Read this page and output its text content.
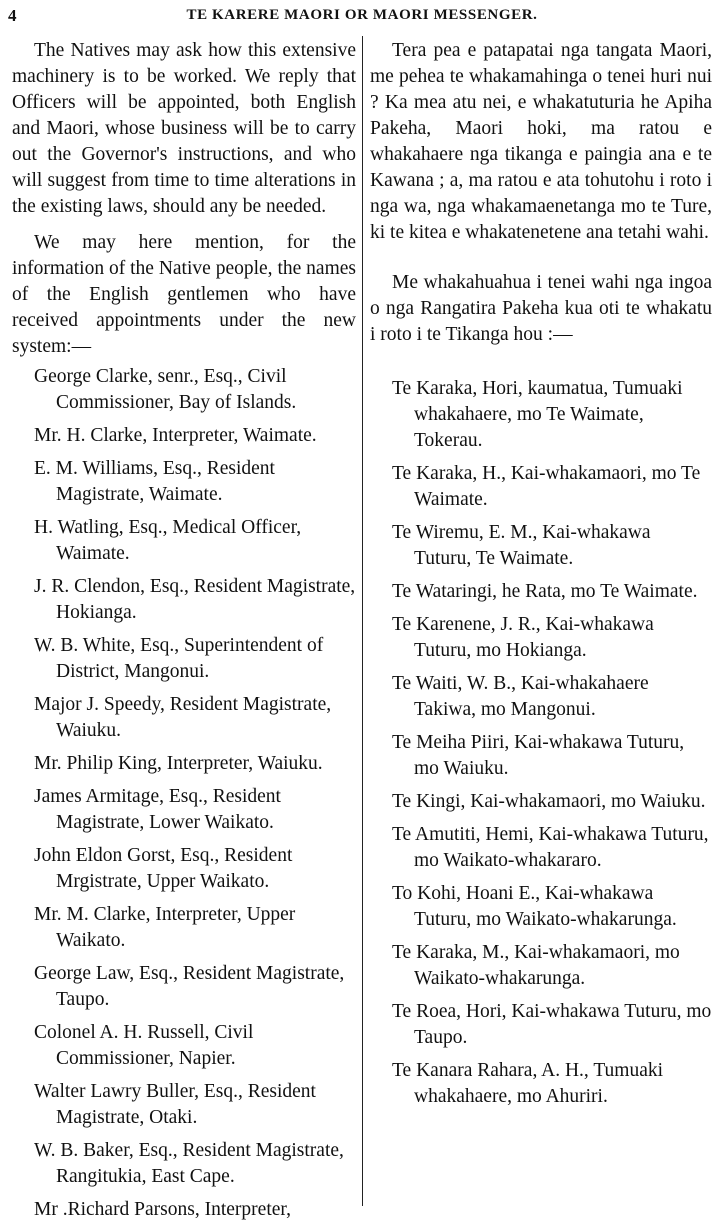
4	TE KARERE MAORI OR MAORI MESSENGER.

The Natives may ask how this extensive machinery is to be worked. We reply that Officers will be appointed, both English and Maori, whose business will be to carry out the Governor's instructions, and who will suggest from time to time alterations in the existing laws, should any be needed.

We may here mention, for the information of the Native people, the names of the English gentlemen who have received appointments under the new system:—

George Clarke, senr., Esq., Civil Commissioner, Bay of Islands.

Mr. H. Clarke, Interpreter, Waimate.

E. M. Williams, Esq., Resident Magistrate, Waimate.

H. Watling, Esq., Medical Officer, Waimate.

J. R. Clendon, Esq., Resident Magistrate, Hokianga.

W. B. White, Esq., Superintendent of District, Mangonui.

Major J. Speedy, Resident Magistrate, Waiuku.

Mr. Philip King, Interpreter, Waiuku.

James Armitage, Esq., Resident Magistrate, Lower Waikato.

John Eldon Gorst, Esq., Resident Mrgistrate, Upper Waikato.

Mr. M. Clarke, Interpreter, Upper Waikato.

George Law, Esq., Resident Magistrate, Taupo.

Colonel A. H. Russell, Civil Commissioner, Napier.

Walter Lawry Buller, Esq., Resident Magistrate, Otaki.

W. B. Baker, Esq., Resident Magistrate, Rangitukia, East Cape.

Mr .Richard Parsons, Interpreter,

Tera pea e patapatai nga tangata Maori, me pehea te whakamahinga o tenei huri nui ? Ka mea atu nei, e whakatuturia he Apiha Pakeha, Maori hoki, ma ratou e whakahaere nga tikanga e paingia ana e te Kawana ; a, ma ratou e ata tohutohu i roto i nga wa, nga whakamaenetanga mo te Ture, ki te kitea e whakatenetene ana tetahi wahi.

Me whakahuahua i tenei wahi nga ingoa o nga Rangatira Pakeha kua oti te whakatu i roto i te Tikanga hou :—

Te Karaka, Hori, kaumatua, Tumuaki whakahaere, mo Te Waimate, Tokerau.

Te Karaka, H., Kai-whakamaori, mo Te Waimate.

Te Wiremu, E. M., Kai-whakawa Tuturu, Te Waimate.

Te Wataringi, he Rata, mo Te Waimate.

Te Karenene, J. R., Kai-whakawa Tuturu, mo Hokianga.

Te Waiti, W. B., Kai-whakahaere Takiwa, mo Mangonui.

Te Meiha Piiri, Kai-whakawa Tuturu, mo Waiuku.

Te Kingi, Kai-whakamaori, mo Waiuku.

Te Amutiti, Hemi, Kai-whakawa Tuturu, mo Waikato-whakararo.

To Kohi, Hoani E., Kai-whakawa Tuturu, mo Waikato-whakarunga.

Te Karaka, M., Kai-whakamaori, mo Waikato-whakarunga.

Te Roea, Hori, Kai-whakawa Tuturu, mo Taupo.

Te Kanara Rahara, A. H., Tumuaki whakahaere, mo Ahuriri.
